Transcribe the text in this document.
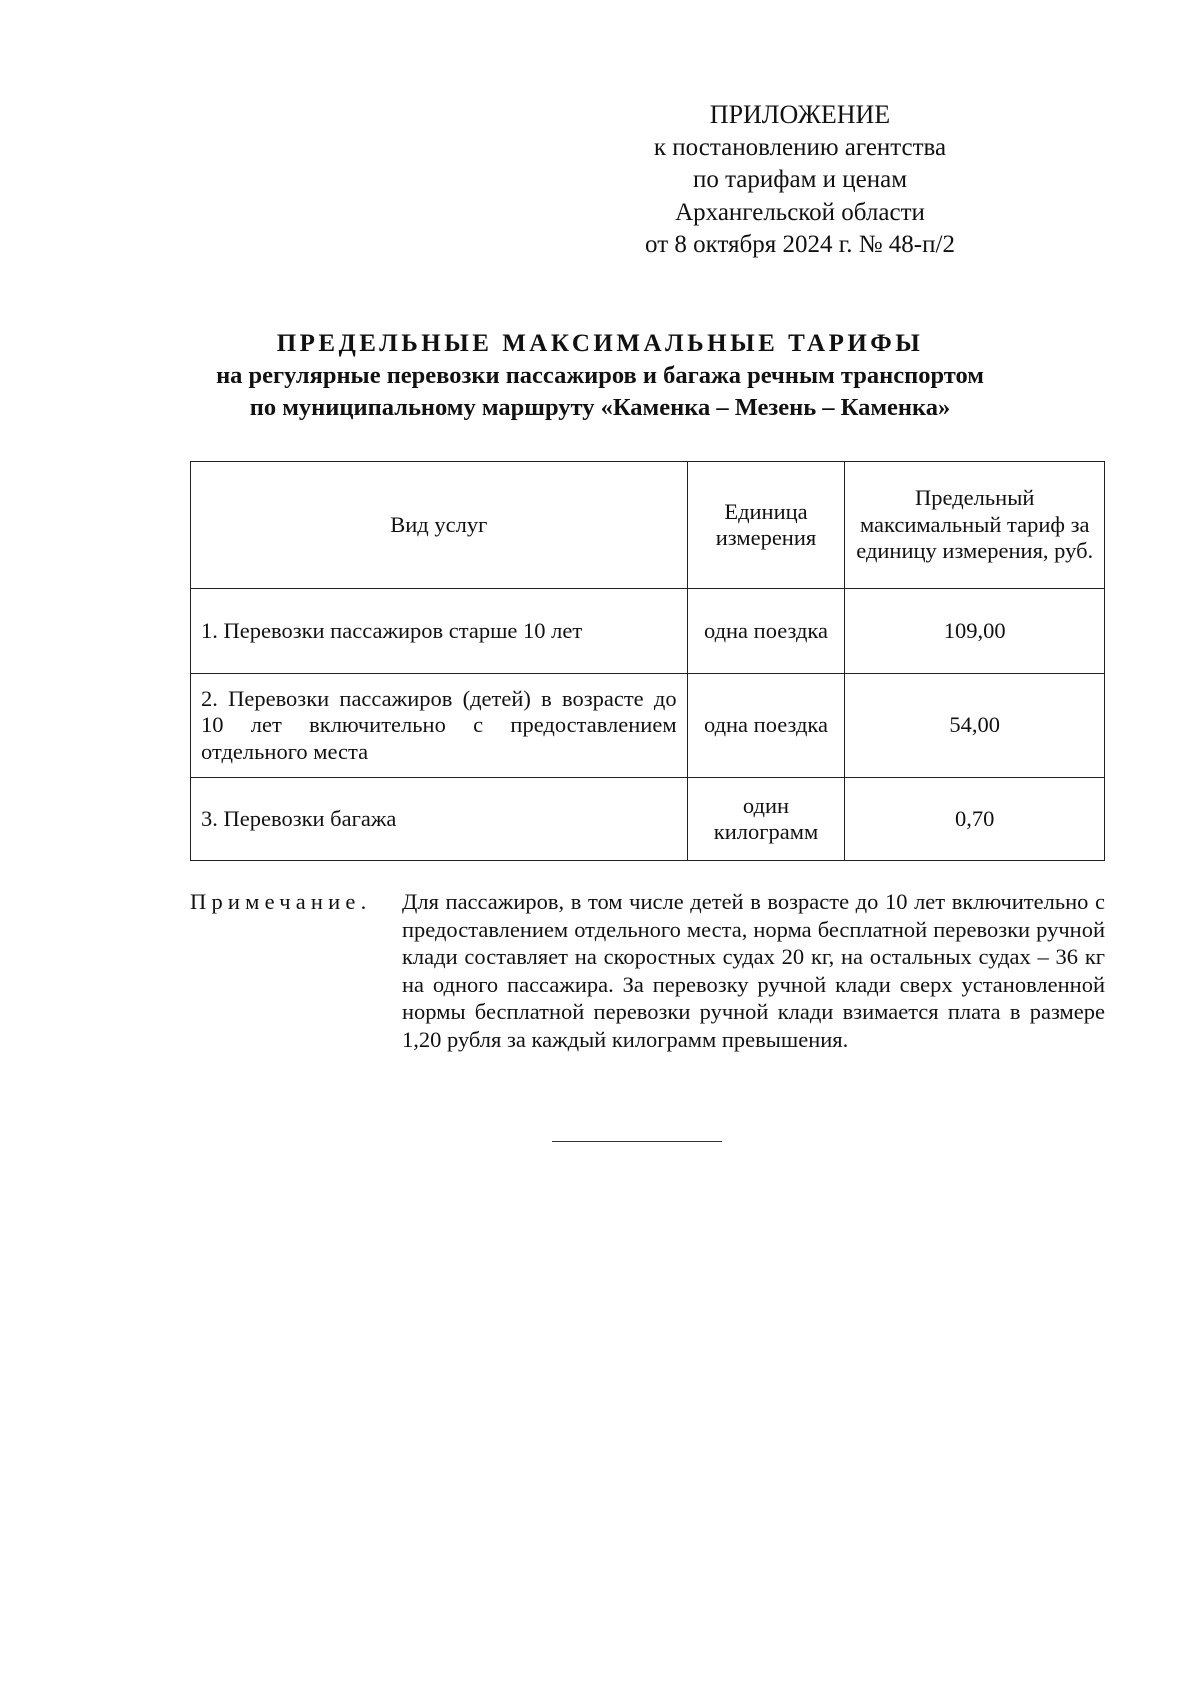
ПРИЛОЖЕНИЕ
к постановлению агентства
по тарифам и ценам
Архангельской области
от 8 октября 2024 г. № 48-п/2
ПРЕДЕЛЬНЫЕ МАКСИМАЛЬНЫЕ ТАРИФЫ
на регулярные перевозки пассажиров и багажа речным транспортом
по муниципальному маршруту «Каменка – Мезень – Каменка»
Вид услуг	Единица измерения	Предельный максимальный тариф за единицу измерения, руб.
1. Перевозки пассажиров старше 10 лет	одна поездка	109,00
2. Перевозки пассажиров (детей) в возрасте до 10 лет включительно с предоставлением отдельного места	одна поездка	54,00
3. Перевозки багажа	один килограмм	0,70
Примечание. Для пассажиров, в том числе детей в возрасте до 10 лет включительно с предоставлением отдельного места, норма бесплатной перевозки ручной клади составляет на скоростных судах 20 кг, на остальных судах – 36 кг на одного пассажира. За перевозку ручной клади сверх установленной нормы бесплатной перевозки ручной клади взимается плата в размере 1,20 рубля за каждый килограмм превышения.
